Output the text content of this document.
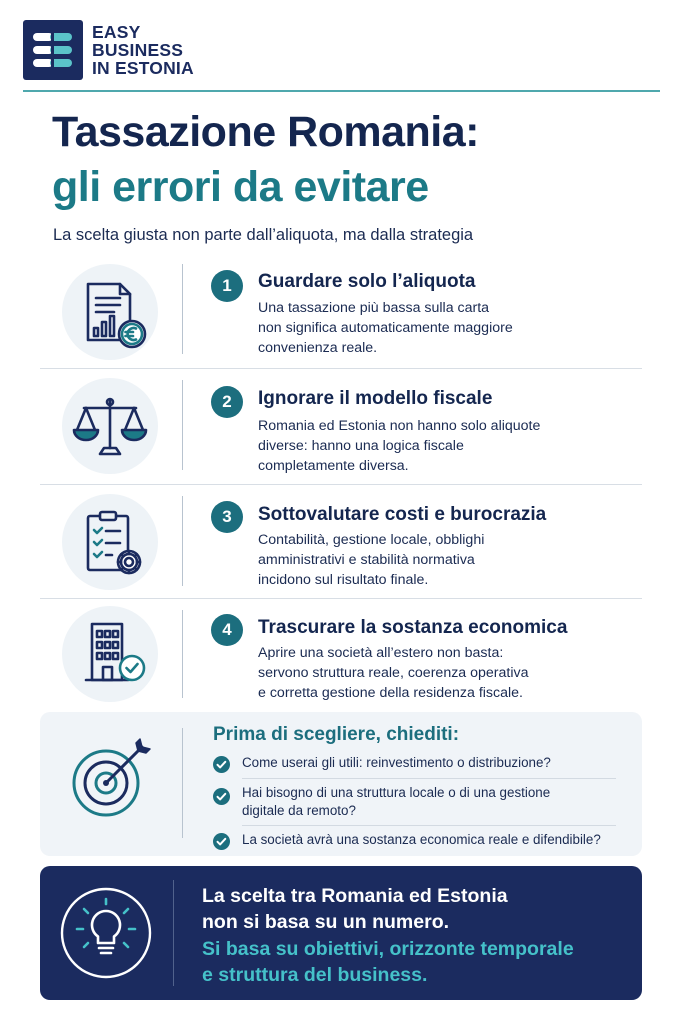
EASY
BUSINESS
IN ESTONIA
Tassazione Romania:
gli errori da evitare
La scelta giusta non parte dall’aliquota, ma dalla strategia
1	Guardare solo l’aliquota
Una tassazione più bassa sulla carta
non significa automaticamente maggiore
convenienza reale.
2	Ignorare il modello fiscale
Romania ed Estonia non hanno solo aliquote
diverse: hanno una logica fiscale
completamente diversa.
3	Sottovalutare costi e burocrazia
Contabilità, gestione locale, obblighi
amministrativi e stabilità normativa
incidono sul risultato finale.
4	Trascurare la sostanza economica
Aprire una società all’estero non basta:
servono struttura reale, coerenza operativa
e corretta gestione della residenza fiscale.
Prima di scegliere, chiediti:
Come userai gli utili: reinvestimento o distribuzione?
Hai bisogno di una struttura locale o di una gestione
digitale da remoto?
La società avrà una sostanza economica reale e difendibile?
La scelta tra Romania ed Estonia
non si basa su un numero.
Si basa su obiettivi, orizzonte temporale
e struttura del business.
